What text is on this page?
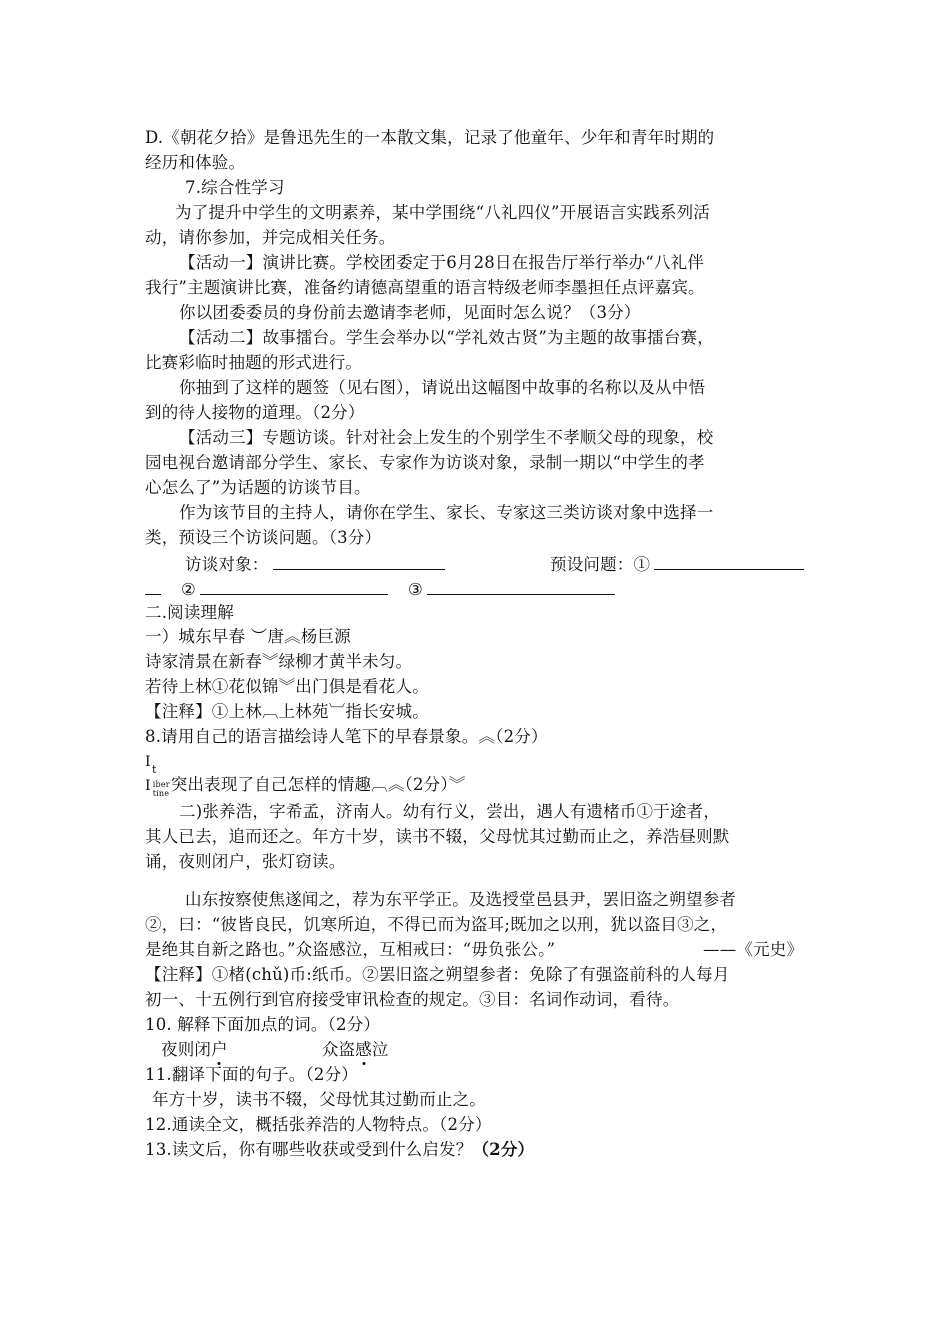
D.《朝花夕拾》是鲁迅先生的一本散文集，记录了他童年、少年和青年时期的
经历和体验。
7.综合性学习
为了提升中学生的文明素养，某中学围绕“八礼四仪”开展语言实践系列活
动，请你参加，并完成相关任务。
【活动一】演讲比赛。学校团委定于6月28日在报告厅举行举办“八礼伴
我行”主题演讲比赛，准备约请德高望重的语言特级老师李墨担任点评嘉宾。
你以团委委员的身份前去邀请李老师，见面时怎么说？（3分）
【活动二】故事擂台。学生会举办以“学礼效古贤”为主题的故事擂台赛，
比赛彩临时抽题的形式进行。
你抽到了这样的题签（见右图），请说出这幅图中故事的名称以及从中悟
到的待人接物的道理。（2分）
【活动三】专题访谈。针对社会上发生的个别学生不孝顺父母的现象，校
园电视台邀请部分学生、家长、专家作为访谈对象，录制一期以“中学生的孝
心怎么了”为话题的访谈节目。
作为该节目的主持人，请你在学生、家长、专家这三类访谈对象中选择一
类，预设三个访谈问题。（3分）
访谈对象：	预设问题：①
②	③
二.阅读理解
一）城东早春 ︶唐︽杨巨源
诗家清景在新春︾绿柳才黄半未匀。
若待上林①花似锦︾出门俱是看花人。
【注释】①上林︹上林苑︺指长安城。
8.请用自己的语言描绘诗人笔下的早春景象。︽（2分）
I t
I iber
tine 突出表现了自己怎样的情趣︹︽（2分）︾
二)张养浩，字希孟，济南人。幼有行义，尝出，遇人有遗楮币①于途者，
其人已去，追而还之。年方十岁，读书不辍，父母忧其过勤而止之，养浩昼则默
诵，夜则闭户，张灯窃读。
山东按察使焦遂闻之，荐为东平学正。及选授堂邑县尹，罢旧盗之朔望参者
②，曰：“彼皆良民，饥寒所迫，不得已而为盗耳;既加之以刑，犹以盗目③之，
是绝其自新之路也。”众盗感泣，互相戒曰：“毋负张公。”	——《元史》
【注释】①楮(chǔ)币:纸币。②罢旧盗之朔望参者：免除了有强盗前科的人每月
初一、十五例行到官府接受审讯检查的规定。③目：名词作动词，看待。
10. 解释下面加点的词。（2分）
夜则闭户	众盗感泣
11.翻译下面的句子。（2分）
年方十岁，读书不辍，父母忧其过勤而止之。
12.通读全文，概括张养浩的人物特点。（2分）
13.读文后，你有哪些收获或受到什么启发？（2分）
